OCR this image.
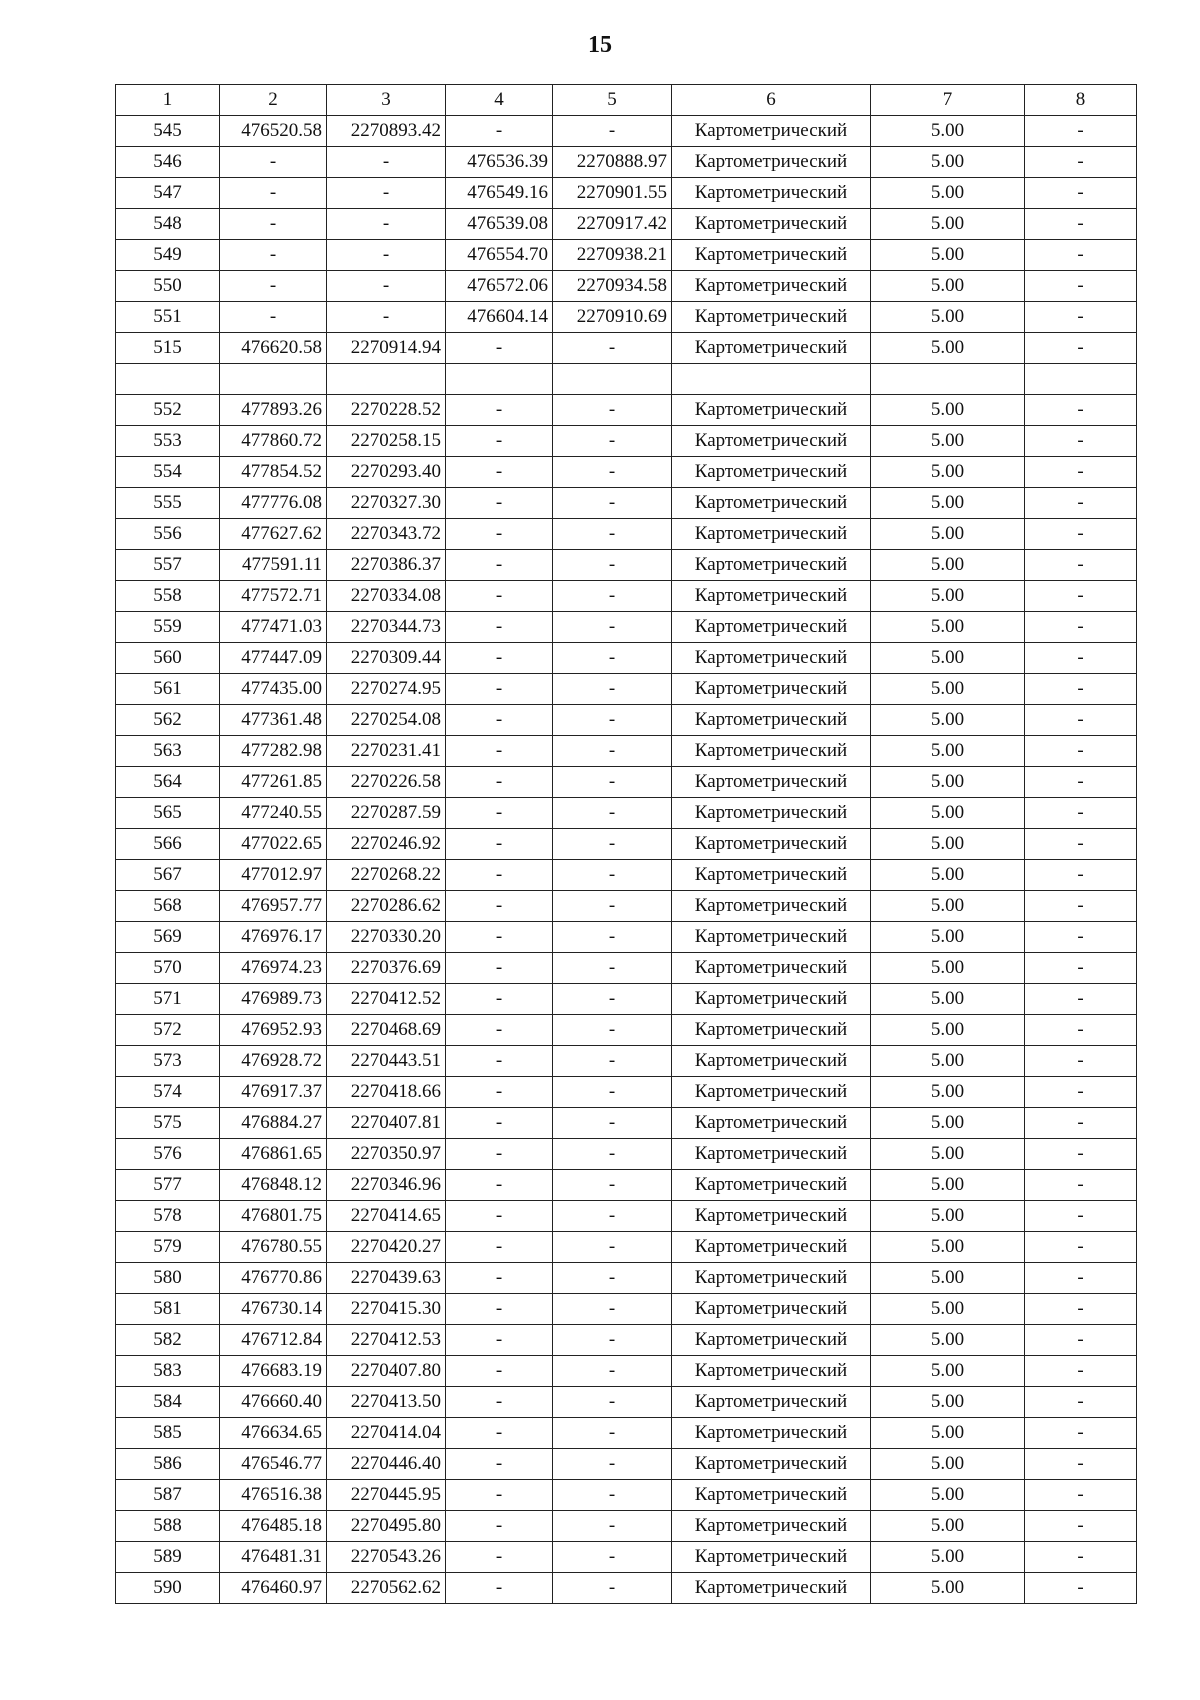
15
1	2	3	4	5	6	7	8
545	476520.58	2270893.42	-	-	Картометрический	5.00	-
546	-	-	476536.39	2270888.97	Картометрический	5.00	-
547	-	-	476549.16	2270901.55	Картометрический	5.00	-
548	-	-	476539.08	2270917.42	Картометрический	5.00	-
549	-	-	476554.70	2270938.21	Картометрический	5.00	-
550	-	-	476572.06	2270934.58	Картометрический	5.00	-
551	-	-	476604.14	2270910.69	Картометрический	5.00	-
515	476620.58	2270914.94	-	-	Картометрический	5.00	-

552	477893.26	2270228.52	-	-	Картометрический	5.00	-
553	477860.72	2270258.15	-	-	Картометрический	5.00	-
554	477854.52	2270293.40	-	-	Картометрический	5.00	-
555	477776.08	2270327.30	-	-	Картометрический	5.00	-
556	477627.62	2270343.72	-	-	Картометрический	5.00	-
557	477591.11	2270386.37	-	-	Картометрический	5.00	-
558	477572.71	2270334.08	-	-	Картометрический	5.00	-
559	477471.03	2270344.73	-	-	Картометрический	5.00	-
560	477447.09	2270309.44	-	-	Картометрический	5.00	-
561	477435.00	2270274.95	-	-	Картометрический	5.00	-
562	477361.48	2270254.08	-	-	Картометрический	5.00	-
563	477282.98	2270231.41	-	-	Картометрический	5.00	-
564	477261.85	2270226.58	-	-	Картометрический	5.00	-
565	477240.55	2270287.59	-	-	Картометрический	5.00	-
566	477022.65	2270246.92	-	-	Картометрический	5.00	-
567	477012.97	2270268.22	-	-	Картометрический	5.00	-
568	476957.77	2270286.62	-	-	Картометрический	5.00	-
569	476976.17	2270330.20	-	-	Картометрический	5.00	-
570	476974.23	2270376.69	-	-	Картометрический	5.00	-
571	476989.73	2270412.52	-	-	Картометрический	5.00	-
572	476952.93	2270468.69	-	-	Картометрический	5.00	-
573	476928.72	2270443.51	-	-	Картометрический	5.00	-
574	476917.37	2270418.66	-	-	Картометрический	5.00	-
575	476884.27	2270407.81	-	-	Картометрический	5.00	-
576	476861.65	2270350.97	-	-	Картометрический	5.00	-
577	476848.12	2270346.96	-	-	Картометрический	5.00	-
578	476801.75	2270414.65	-	-	Картометрический	5.00	-
579	476780.55	2270420.27	-	-	Картометрический	5.00	-
580	476770.86	2270439.63	-	-	Картометрический	5.00	-
581	476730.14	2270415.30	-	-	Картометрический	5.00	-
582	476712.84	2270412.53	-	-	Картометрический	5.00	-
583	476683.19	2270407.80	-	-	Картометрический	5.00	-
584	476660.40	2270413.50	-	-	Картометрический	5.00	-
585	476634.65	2270414.04	-	-	Картометрический	5.00	-
586	476546.77	2270446.40	-	-	Картометрический	5.00	-
587	476516.38	2270445.95	-	-	Картометрический	5.00	-
588	476485.18	2270495.80	-	-	Картометрический	5.00	-
589	476481.31	2270543.26	-	-	Картометрический	5.00	-
590	476460.97	2270562.62	-	-	Картометрический	5.00	-
